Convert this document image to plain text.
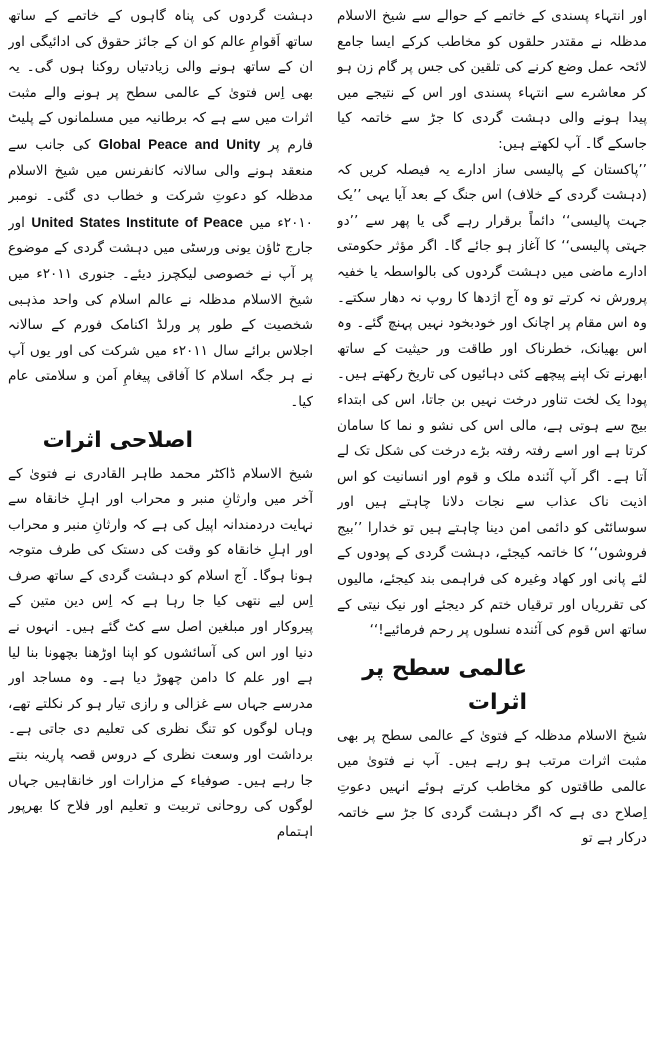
اور انتہاء پسندی کے خاتمے کے حوالے سے شیخ الاسلام مدظلہ نے مقتدر حلقوں کو مخاطب کرکے ایسا جامع لائحہ عمل وضع کرنے کی تلقین کی جس پر گام زن ہو کر معاشرے سے انتہاء پسندی اور اس کے نتیجے میں پیدا ہونے والی دہشت گردی کا جڑ سے خاتمہ کیا جاسکے گا۔ آپ لکھتے ہیں:

’’پاکستان کے پالیسی ساز ادارے یہ فیصلہ کریں کہ (دہشت گردی کے خلاف) اس جنگ کے بعد آیا یہی ’’یک جہت پالیسی‘‘ دائماً برقرار رہے گی یا پھر سے ’’دو جہتی پالیسی‘‘ کا آغاز ہو جائے گا۔ اگر مؤثر حکومتی ادارے ماضی میں دہشت گردوں کی بالواسطہ یا خفیہ پرورش نہ کرتے تو وہ آج اژدھا کا روپ نہ دھار سکتے۔ وہ اس مقام پر اچانک اور خودبخود نہیں پہنچ گئے۔ وہ اس بھیانک، خطرناک اور طاقت ور حیثیت کے ساتھ ابھرنے تک اپنے پیچھے کئی دہائیوں کی تاریخ رکھتے ہیں۔ پودا یک لخت تناور درخت نہیں بن جاتا، اس کی ابتداء بیج سے ہوتی ہے، مالی اس کی نشو و نما کا سامان کرتا ہے اور اسے رفتہ رفتہ بڑے درخت کی شکل تک لے آتا ہے۔ اگر آپ آئندہ ملک و قوم اور انسانیت کو اس اذیت ناک عذاب سے نجات دلانا چاہتے ہیں اور سوسائٹی کو دائمی امن دینا چاہتے ہیں تو خدارا ’’بیج فروشوں‘‘ کا خاتمہ کیجئے، دہشت گردی کے پودوں کے لئے پانی اور کھاد وغیرہ کی فراہمی بند کیجئے، مالیوں کی تقرریاں اور ترقیاں ختم کر دیجئے اور نیک نیتی کے ساتھ اس قوم کی آئندہ نسلوں پر رحم فرمائیے!‘‘

عالمی سطح پر اثرات

شیخ الاسلام مدظلہ کے فتویٰ کے عالمی سطح پر بھی مثبت اثرات مرتب ہو رہے ہیں۔ آپ نے فتویٰ میں عالمی طاقتوں کو مخاطب کرتے ہوئے انہیں دعوتِ اِصلاح دی ہے کہ اگر دہشت گردی کا جڑ سے خاتمہ درکار ہے تو

دہشت گردوں کی پناہ گاہوں کے خاتمے کے ساتھ ساتھ اَقوامِ عالم کو ان کے جائز حقوق کی ادائیگی اور ان کے ساتھ ہونے والی زیادتیاں روکنا ہوں گی۔ یہ بھی اِس فتویٰ کے عالمی سطح پر ہونے والے مثبت اثرات میں سے ہے کہ برطانیہ میں مسلمانوں کے پلیٹ فارم پر Global Peace and Unity کی جانب سے منعقد ہونے والی سالانہ کانفرنس میں شیخ الاسلام مدظلہ کو دعوتِ شرکت و خطاب دی گئی۔ نومبر ۲۰۱۰ء میں United States Institute of Peace اور جارج ٹاؤن یونی ورسٹی میں دہشت گردی کے موضوع پر آپ نے خصوصی لیکچرز دیئے۔ جنوری ۲۰۱۱ء میں شیخ الاسلام مدظلہ نے عالم اسلام کی واحد مذہبی شخصیت کے طور پر ورلڈ اکنامک فورم کے سالانہ اجلاس برائے سال ۲۰۱۱ء میں شرکت کی اور یوں آپ نے ہر جگہ اسلام کا آفاقی پیغامِ اَمن و سلامتی عام کیا۔

اصلاحی اثرات

شیخ الاسلام ڈاکٹر محمد طاہر القادری نے فتویٰ کے آخر میں وارثانِ منبر و محراب اور اہلِ خانقاہ سے نہایت دردمندانہ اپیل کی ہے کہ وارثانِ منبر و محراب اور اہلِ خانقاہ کو وقت کی دستک کی طرف متوجہ ہونا ہوگا۔ آج اسلام کو دہشت گردی کے ساتھ صرف اِس لیے نتھی کیا جا رہا ہے کہ اِس دین متین کے پیروکار اور مبلغین اصل سے کٹ گئے ہیں۔ انہوں نے دنیا اور اس کی آسائشوں کو اپنا اوڑھنا بچھونا بنا لیا ہے اور علم کا دامن چھوڑ دیا ہے۔ وہ مساجد اور مدرسے جہاں سے غزالی و رازی تیار ہو کر نکلتے تھے، وہاں لوگوں کو تنگ نظری کی تعلیم دی جاتی ہے۔ برداشت اور وسعت نظری کے دروس قصہ پارینہ بنتے جا رہے ہیں۔ صوفیاء کے مزارات اور خانقاہیں جہاں لوگوں کی روحانی تربیت و تعلیم اور فلاح کا بھرپور اہتمام
